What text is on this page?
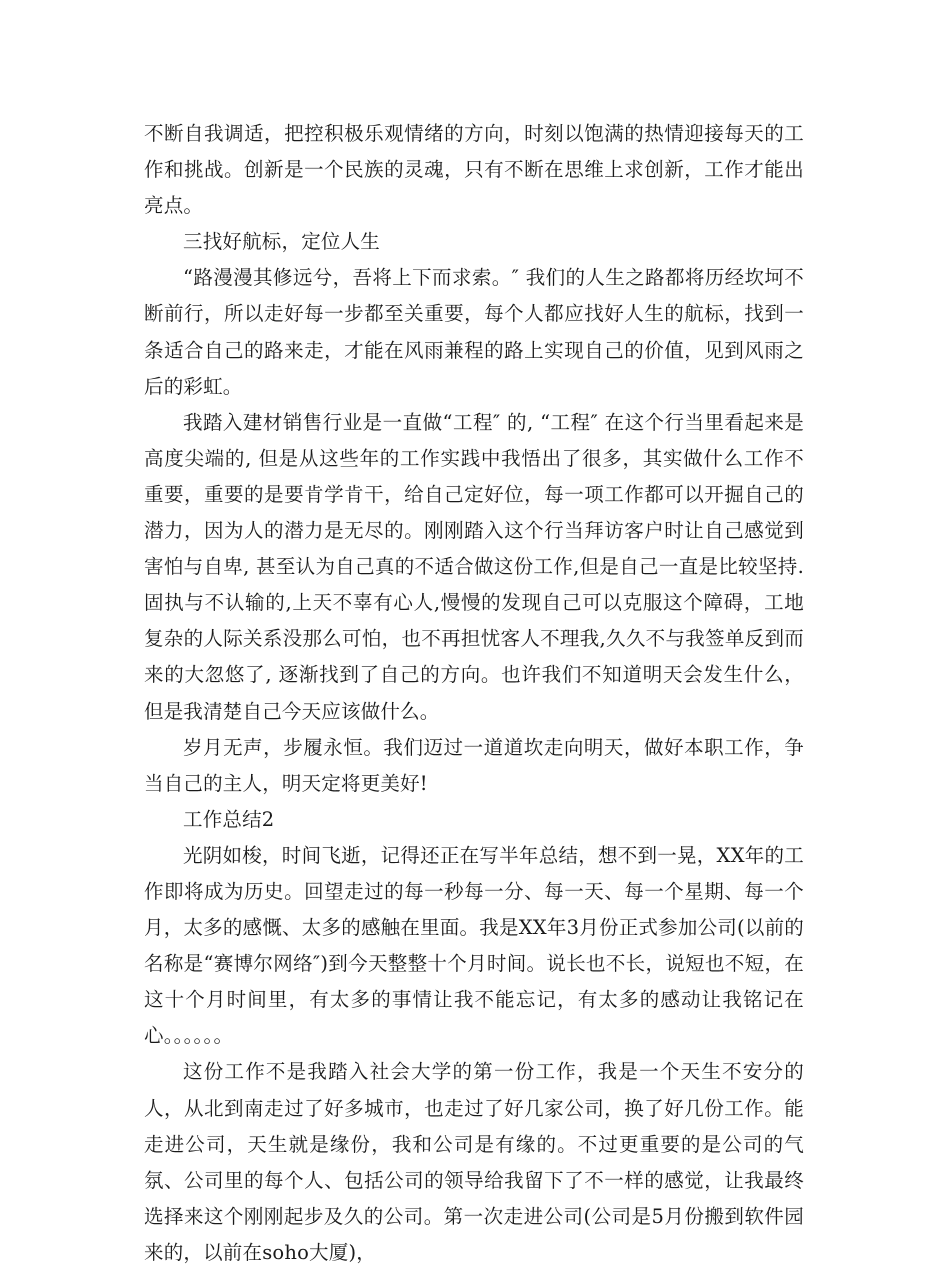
不断自我调适，把控积极乐观情绪的方向，时刻以饱满的热情迎接每天的工作和挑战。创新是一个民族的灵魂，只有不断在思维上求创新，工作才能出亮点。

三找好航标，定位人生

“路漫漫其修远兮，吾将上下而求索。″ 我们的人生之路都将历经坎坷不断前行，所以走好每一步都至关重要，每个人都应找好人生的航标，找到一条适合自己的路来走，才能在风雨兼程的路上实现自己的价值，见到风雨之后的彩虹。

我踏入建材销售行业是一直做“工程″ 的, “工程″ 在这个行当里看起来是高度尖端的, 但是从这些年的工作实践中我悟出了很多，其实做什么工作不重要，重要的是要肯学肯干，给自己定好位，每一项工作都可以开掘自己的潜力，因为人的潜力是无尽的。刚刚踏入这个行当拜访客户时让自己感觉到害怕与自卑, 甚至认为自己真的不适合做这份工作,但是自己一直是比较坚持.固执与不认输的,上天不辜有心人,慢慢的发现自己可以克服这个障碍，工地复杂的人际关系没那么可怕，也不再担忧客人不理我,久久不与我签单反到而来的大忽悠了, 逐渐找到了自己的方向。也许我们不知道明天会发生什么，但是我清楚自己今天应该做什么。

岁月无声，步履永恒。我们迈过一道道坎走向明天，做好本职工作，争当自己的主人，明天定将更美好!

工作总结2

光阴如梭，时间飞逝，记得还正在写半年总结，想不到一晃，XX年的工作即将成为历史。回望走过的每一秒每一分、每一天、每一个星期、每一个月，太多的感慨、太多的感触在里面。我是XX年3月份正式参加公司(以前的名称是“赛博尔网络″)到今天整整十个月时间。说长也不长，说短也不短，在这十个月时间里，有太多的事情让我不能忘记，有太多的感动让我铭记在心。。。。。。

这份工作不是我踏入社会大学的第一份工作，我是一个天生不安分的人，从北到南走过了好多城市，也走过了好几家公司，换了好几份工作。能走进公司，天生就是缘份，我和公司是有缘的。不过更重要的是公司的气氛、公司里的每个人、包括公司的领导给我留下了不一样的感觉，让我最终选择来这个刚刚起步及久的公司。第一次走进公司(公司是5月份搬到软件园来的，以前在soho大厦)，
